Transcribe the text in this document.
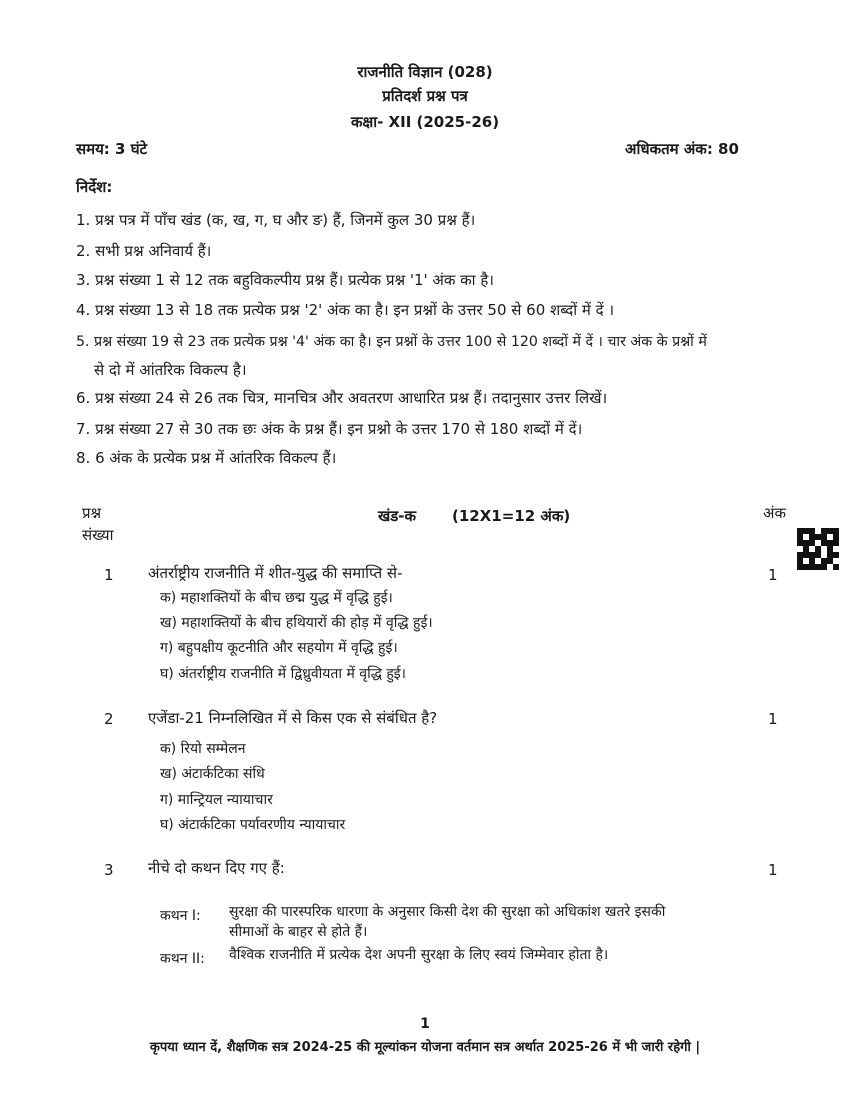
राजनीति विज्ञान (028)
प्रतिदर्श प्रश्न पत्र
कक्षा- XII (2025-26)
समय: 3 घंटे	अधिकतम अंक: 80
निर्देश:
1. प्रश्न पत्र में पाँच खंड (क, ख, ग, घ और ङ) हैं, जिनमें कुल 30 प्रश्न हैं।
2. सभी प्रश्न अनिवार्य हैं।
3. प्रश्न संख्या 1 से 12 तक बहुविकल्पीय प्रश्न हैं। प्रत्येक प्रश्न '1' अंक का है।
4. प्रश्न संख्या 13 से 18 तक प्रत्येक प्रश्न '2' अंक का है। इन प्रश्नों के उत्तर 50 से 60 शब्दों में दें ।
5. प्रश्न संख्या 19 से 23 तक प्रत्येक प्रश्न '4' अंक का है। इन प्रश्नों के उत्तर 100 से 120 शब्दों में दें । चार अंक के प्रश्नों में
से दो में आंतरिक विकल्प है।
6. प्रश्न संख्या 24 से 26 तक चित्र, मानचित्र और अवतरण आधारित प्रश्न हैं। तदानुसार उत्तर लिखें।
7. प्रश्न संख्या 27 से 30 तक छः अंक के प्रश्न हैं। इन प्रश्नो के उत्तर 170 से 180 शब्दों में दें।
8. 6 अंक के प्रत्येक प्रश्न में आंतरिक विकल्प हैं।
प्रश्न
संख्या
खंड-क (12X1=12 अंक)	अंक
1 अंतर्राष्ट्रीय राजनीति में शीत-युद्ध की समाप्ति से-	1
क) महाशक्तियों के बीच छद्म युद्ध में वृद्धि हुई।
ख) महाशक्तियों के बीच हथियारों की होड़ में वृद्धि हुई।
ग) बहुपक्षीय कूटनीति और सहयोग में वृद्धि हुई।
घ) अंतर्राष्ट्रीय राजनीति में द्विध्रुवीयता में वृद्धि हुई।
2 एजेंडा-21 निम्नलिखित में से किस एक से संबंधित है?	1
क) रियो सम्मेलन
ख) अंटार्कटिका संधि
ग) मान्ट्रियल न्यायाचार
घ) अंटार्कटिका पर्यावरणीय न्यायाचार
3 नीचे दो कथन दिए गए हैं:	1
कथन I: सुरक्षा की पारस्परिक धारणा के अनुसार किसी देश की सुरक्षा को अधिकांश खतरे इसकी
सीमाओं के बाहर से होते हैं।
कथन II: वैश्विक राजनीति में प्रत्येक देश अपनी सुरक्षा के लिए स्वयं जिम्मेवार होता है।
1
कृपया ध्यान दें, शैक्षणिक सत्र 2024-25 की मूल्यांकन योजना वर्तमान सत्र अर्थात 2025-26 में भी जारी रहेगी |
